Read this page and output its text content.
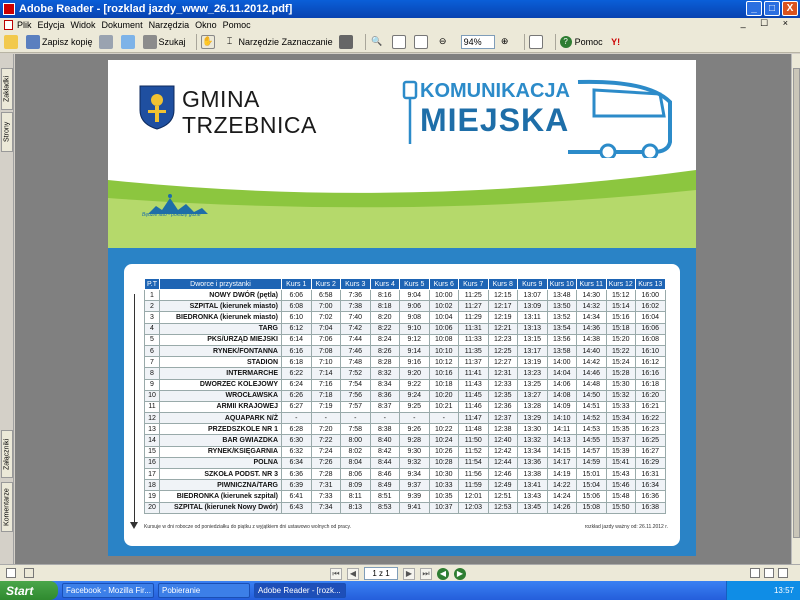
Adobe Reader - [rozklad jazdy_www_26.11.2012.pdf]	_	□	X
Plik Edycja Widok Dokument Narzędzia Okno Pomoc	_ ☐ ×
Zapisz kopię	Szukaj ✋	⌶ Narzędzie Zaznaczanie	🔍	⊖	94%	⊕	? Pomoc Y!
Zakładki
Strony
Załączniki
Komentarze
GMINA
TRZEBNICA
KOMUNIKACJA
MIEJSKA
Będzie lato - pokażę gdzie
P.T	Dworce i przystanki	Kurs 1	Kurs 2	Kurs 3	Kurs 4	Kurs 5	Kurs 6	Kurs 7	Kurs 8	Kurs 9	Kurs 10	Kurs 11	Kurs 12	Kurs 13
1	NOWY DWÓR (pętla)	6:06	6:58	7:36	8:16	9:04	10:00	11:25	12:15	13:07	13:48	14:30	15:12	16:00
2	SZPITAL (kierunek miasto)	6:08	7:00	7:38	8:18	9:06	10:02	11:27	12:17	13:09	13:50	14:32	15:14	16:02
3	BIEDRONKA (kierunek miasto)	6:10	7:02	7:40	8:20	9:08	10:04	11:29	12:19	13:11	13:52	14:34	15:16	16:04
4	TARG	6:12	7:04	7:42	8:22	9:10	10:06	11:31	12:21	13:13	13:54	14:36	15:18	16:06
5	PKS/URZĄD MIEJSKI	6:14	7:06	7:44	8:24	9:12	10:08	11:33	12:23	13:15	13:56	14:38	15:20	16:08
6	RYNEK/FONTANNA	6:16	7:08	7:46	8:26	9:14	10:10	11:35	12:25	13:17	13:58	14:40	15:22	16:10
7	STADION	6:18	7:10	7:48	8:28	9:16	10:12	11:37	12:27	13:19	14:00	14:42	15:24	16:12
8	INTERMARCHE	6:22	7:14	7:52	8:32	9:20	10:16	11:41	12:31	13:23	14:04	14:46	15:28	16:16
9	DWORZEC KOLEJOWY	6:24	7:16	7:54	8:34	9:22	10:18	11:43	12:33	13:25	14:06	14:48	15:30	16:18
10	WROCŁAWSKA	6:26	7:18	7:56	8:36	9:24	10:20	11:45	12:35	13:27	14:08	14:50	15:32	16:20
11	ARMII KRAJOWEJ	6:27	7:19	7:57	8:37	9:25	10:21	11:46	12:36	13:28	14:09	14:51	15:33	16:21
12	AQUAPARK N/Ż	-	-	-	-	-	-	11:47	12:37	13:29	14:10	14:52	15:34	16:22
13	PRZEDSZKOLE NR 1	6:28	7:20	7:58	8:38	9:26	10:22	11:48	12:38	13:30	14:11	14:53	15:35	16:23
14	BAR GWIAZDKA	6:30	7:22	8:00	8:40	9:28	10:24	11:50	12:40	13:32	14:13	14:55	15:37	16:25
15	RYNEK/KSIĘGARNIA	6:32	7:24	8:02	8:42	9:30	10:26	11:52	12:42	13:34	14:15	14:57	15:39	16:27
16	POLNA	6:34	7:26	8:04	8:44	9:32	10:28	11:54	12:44	13:36	14:17	14:59	15:41	16:29
17	SZKOŁA PODST. NR 3	6:36	7:28	8:06	8:46	9:34	10:30	11:56	12:46	13:38	14:19	15:01	15:43	16:31
18	PIWNICZNA/TARG	6:39	7:31	8:09	8:49	9:37	10:33	11:59	12:49	13:41	14:22	15:04	15:46	16:34
19	BIEDRONKA (kierunek szpital)	6:41	7:33	8:11	8:51	9:39	10:35	12:01	12:51	13:43	14:24	15:06	15:48	16:36
20	SZPITAL (kierunek Nowy Dwór)	6:43	7:34	8:13	8:53	9:41	10:37	12:03	12:53	13:45	14:26	15:08	15:50	16:38
Kursuje w dni robocze od poniedziałku do piątku z wyjątkiem dni ustawowo wolnych od pracy.	rozkład jazdy ważny od: 26.11.2012 r.
⏮	◀	1 z 1	▶	⏭	◀	▶
Start	Facebook - Mozilla Fir...	Pobieranie	Adobe Reader - [rozk...	13:57
